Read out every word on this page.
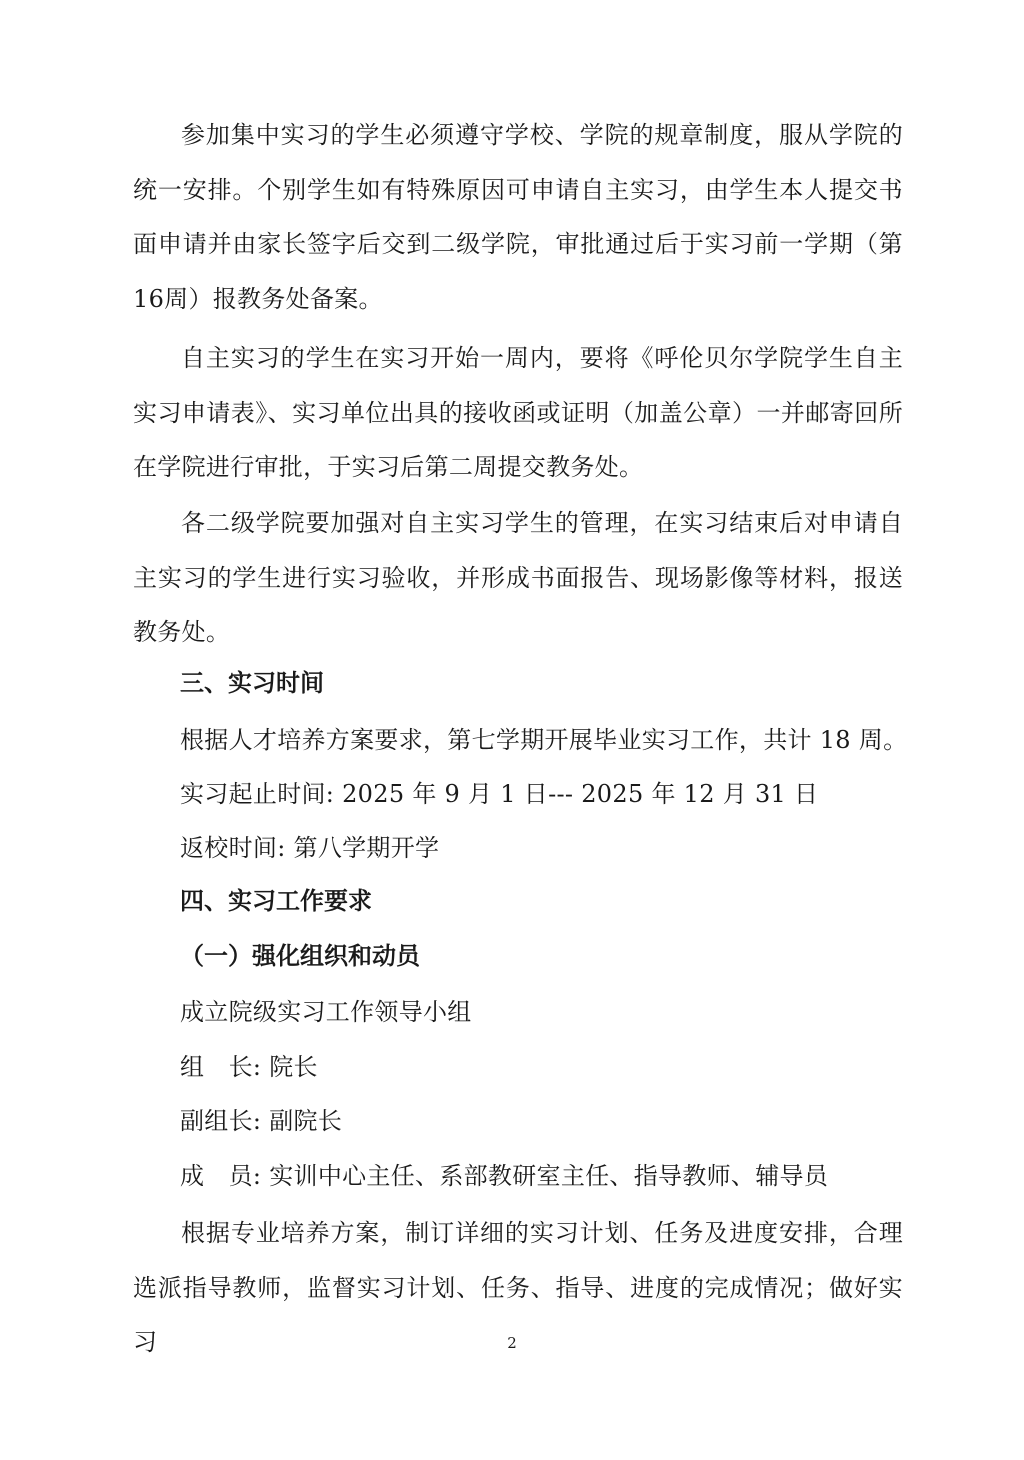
参加集中实习的学生必须遵守学校、学院的规章制度，服从学院的统一安排。个别学生如有特殊原因可申请自主实习，由学生本人提交书面申请并由家长签字后交到二级学院，审批通过后于实习前一学期（第16周）报教务处备案。

自主实习的学生在实习开始一周内，要将《呼伦贝尔学院学生自主实习申请表》、实习单位出具的接收函或证明（加盖公章）一并邮寄回所在学院进行审批，于实习后第二周提交教务处。

各二级学院要加强对自主实习学生的管理，在实习结束后对申请自主实习的学生进行实习验收，并形成书面报告、现场影像等材料，报送教务处。

三、实习时间

根据人才培养方案要求，第七学期开展毕业实习工作，共计 18 周。

实习起止时间: 2025 年 9 月 1 日--- 2025 年 12 月 31 日

返校时间: 第八学期开学

四、实习工作要求
（一）强化组织和动员

成立院级实习工作领导小组

组　长: 院长

副组长: 副院长

成　员: 实训中心主任、系部教研室主任、指导教师、辅导员

根据专业培养方案，制订详细的实习计划、任务及进度安排，合理选派指导教师，监督实习计划、任务、指导、进度的完成情况；做好实习	2
